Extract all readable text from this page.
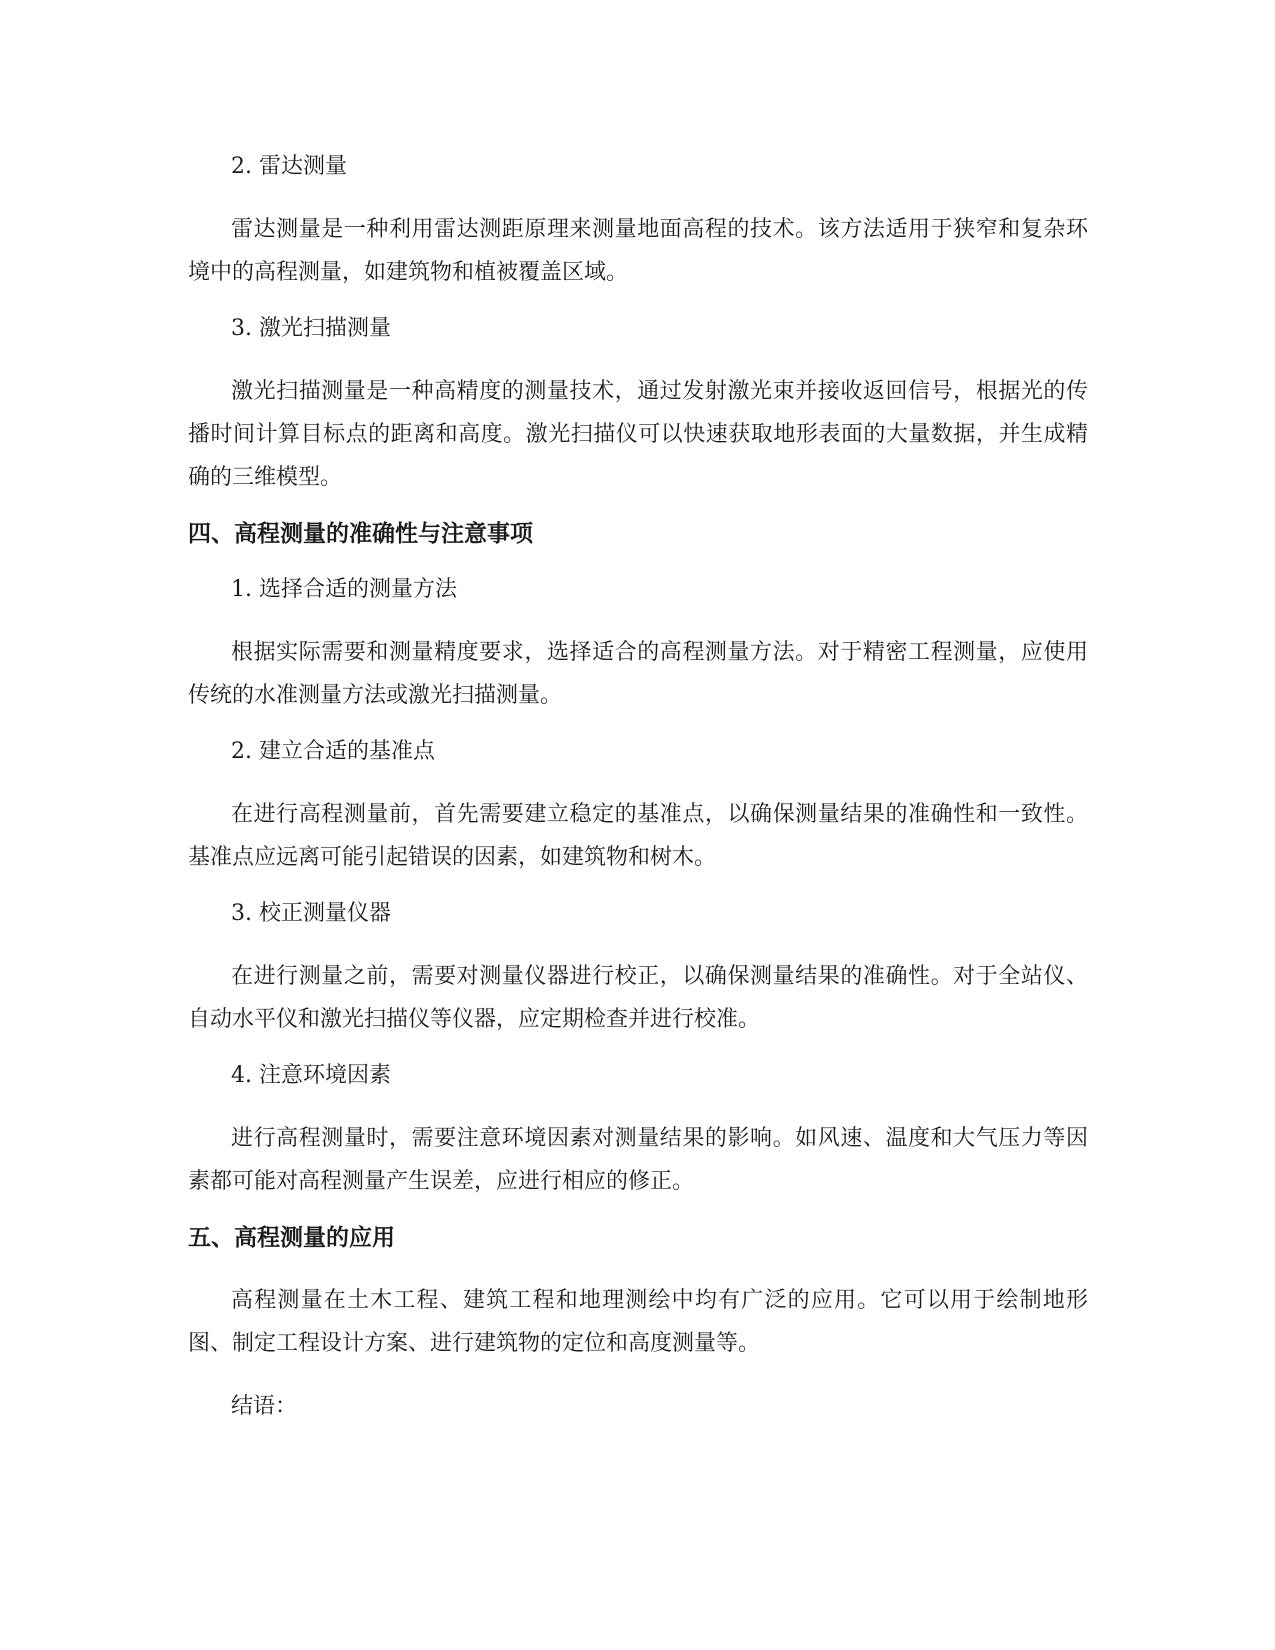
2. 雷达测量
雷达测量是一种利用雷达测距原理来测量地面高程的技术。该方法适用于狭窄和复杂环境中的高程测量，如建筑物和植被覆盖区域。
3. 激光扫描测量
激光扫描测量是一种高精度的测量技术，通过发射激光束并接收返回信号，根据光的传播时间计算目标点的距离和高度。激光扫描仪可以快速获取地形表面的大量数据，并生成精确的三维模型。
四、高程测量的准确性与注意事项
1. 选择合适的测量方法
根据实际需要和测量精度要求，选择适合的高程测量方法。对于精密工程测量，应使用传统的水准测量方法或激光扫描测量。
2. 建立合适的基准点
在进行高程测量前，首先需要建立稳定的基准点，以确保测量结果的准确性和一致性。基准点应远离可能引起错误的因素，如建筑物和树木。
3. 校正测量仪器
在进行测量之前，需要对测量仪器进行校正，以确保测量结果的准确性。对于全站仪、自动水平仪和激光扫描仪等仪器，应定期检查并进行校准。
4. 注意环境因素
进行高程测量时，需要注意环境因素对测量结果的影响。如风速、温度和大气压力等因素都可能对高程测量产生误差，应进行相应的修正。
五、高程测量的应用
高程测量在土木工程、建筑工程和地理测绘中均有广泛的应用。它可以用于绘制地形图、制定工程设计方案、进行建筑物的定位和高度测量等。
结语：
